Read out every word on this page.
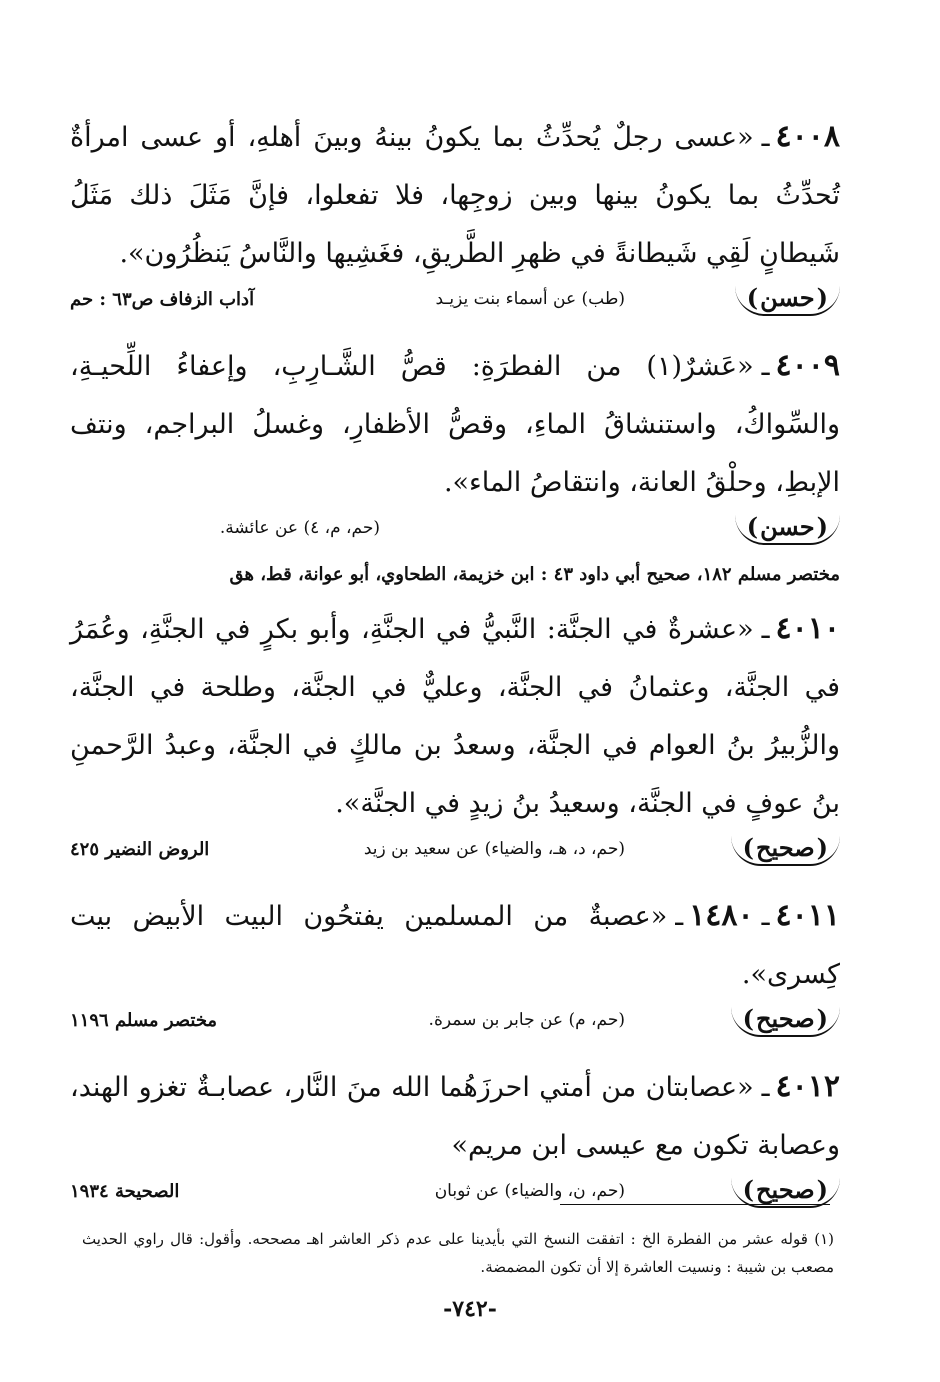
٤٠٠٨ـ«عسى رجلٌ يُحدِّثُ بما يكونُ بينهُ وبينَ أهلهِ، أو عسى امرأةٌ تُحدِّثُ بما يكونُ بينها وبين زوجِها، فلا تفعلوا، فإنَّ مَثَلَ ذلك مَثَلُ شَيطانٍ لَقِي شَيطانةً في ظهرِ الطَّريقِ، فغَشِيها والنَّاسُ يَنظُرُون».

( حسن )
(طب) عن أسماء بنت يزيـد
آداب الزفاف ص٦٣ : حم

٤٠٠٩ـ«عَشرٌ(١) من الفطرَةِ: قصُّ الشَّـارِبِ، وإعفاءُ اللِّحيـةِ، والسِّواكُ، واستنشاقُ الماءِ، وقصُّ الأظفارِ، وغسلُ البراجم، ونتف الإبطِ، وحلْقُ العانة، وانتقاصُ الماء».

( حسن )
(حم، م، ٤) عن عائشة.

مختصر مسلم ١٨٢، صحيح أبي داود ٤٣ : ابن خزيمة، الطحاوي، أبو عوانة، قط، هق

٤٠١٠ـ«عشرةٌ في الجنَّة: النَّبيُّ في الجنَّةِ، وأبو بكرٍ في الجنَّةِ، وعُمَرُ في الجنَّة، وعثمانُ في الجنَّة، وعليٌّ في الجنَّة، وطلحة في الجنَّة، والزُّبيرُ بنُ العوام في الجنَّة، وسعدُ بن مالكٍ في الجنَّة، وعبدُ الرَّحمنِ بنُ عوفٍ في الجنَّة، وسعيدُ بنُ زيدٍ في الجنَّة».

( صحيح )
(حم، د، هـ، والضياء) عن سعيد بن زيد
الروض النضير ٤٢٥

٤٠١١ـ١٤٨٠ـ«عصبةٌ من المسلمين يفتحُون البيت الأبيض بيت كِسرى».

( صحيح )
(حم، م) عن جابر بن سمرة.
مختصر مسلم ١١٩٦

٤٠١٢ـ«عصابتان من أمتي احرزَهُما الله منَ النَّار، عصابـةٌ تغزو الهند، وعصابة تكون مع عيسى ابن مريم»

( صحيح )
(حم، ن، والضياء) عن ثوبان
الصحيحة ١٩٣٤

(١) قوله عشر من الفطرة الخ : اتفقت النسخ التي بأيدينا على عدم ذكر العاشر اهـ مصححه. وأقول: قال راوي الحديث مصعب بن شيبة : ونسيت العاشرة إلا أن تكون المضمضة.

-٧٤٢-
